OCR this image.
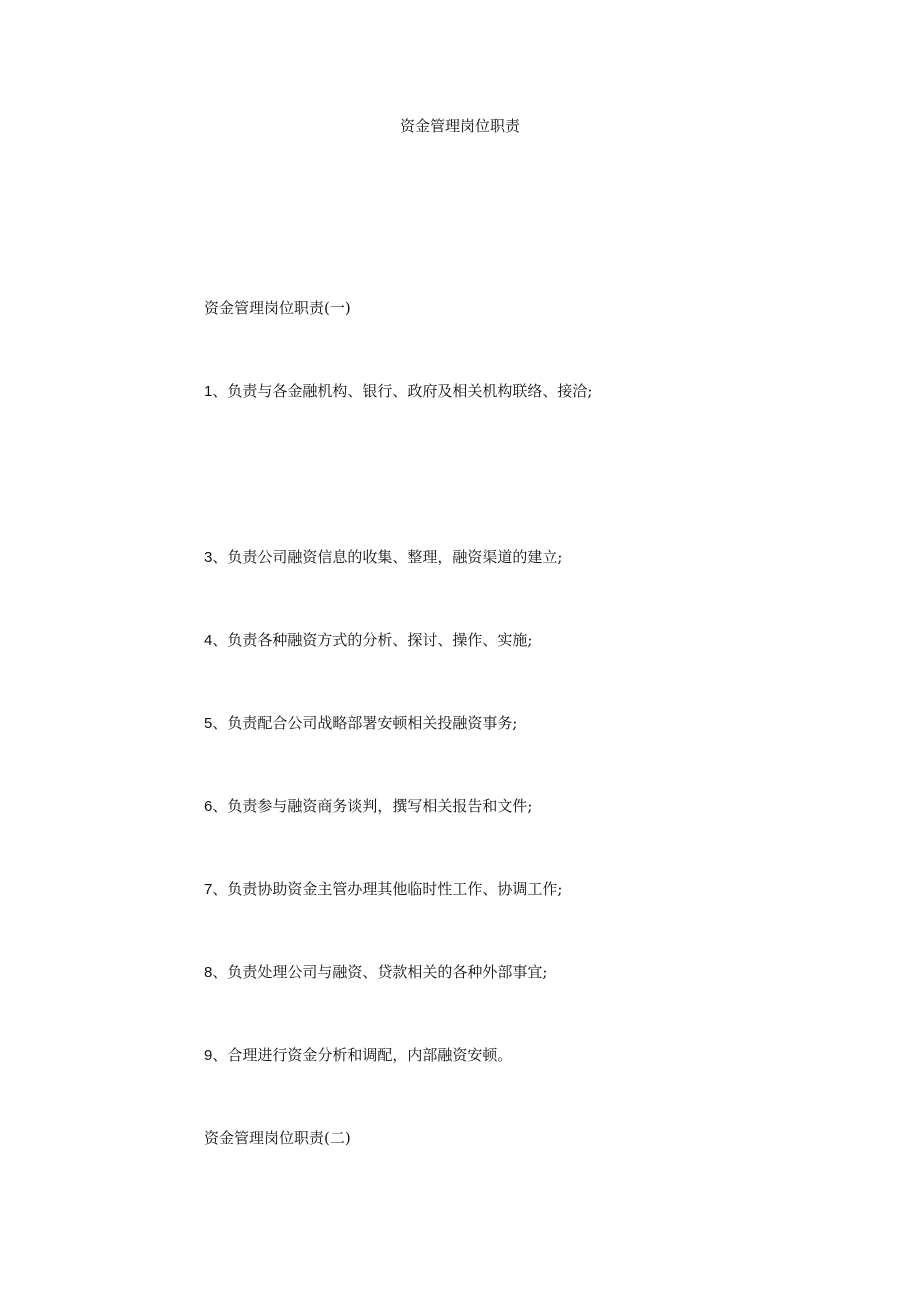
资金管理岗位职责
资金管理岗位职责(一)
1、负责与各金融机构、银行、政府及相关机构联络、接洽;
3、负责公司融资信息的收集、整理，融资渠道的建立;
4、负责各种融资方式的分析、探讨、操作、实施;
5、负责配合公司战略部署安顿相关投融资事务;
6、负责参与融资商务谈判，撰写相关报告和文件;
7、负责协助资金主管办理其他临时性工作、协调工作;
8、负责处理公司与融资、贷款相关的各种外部事宜;
9、合理进行资金分析和调配，内部融资安顿。
资金管理岗位职责(二)
